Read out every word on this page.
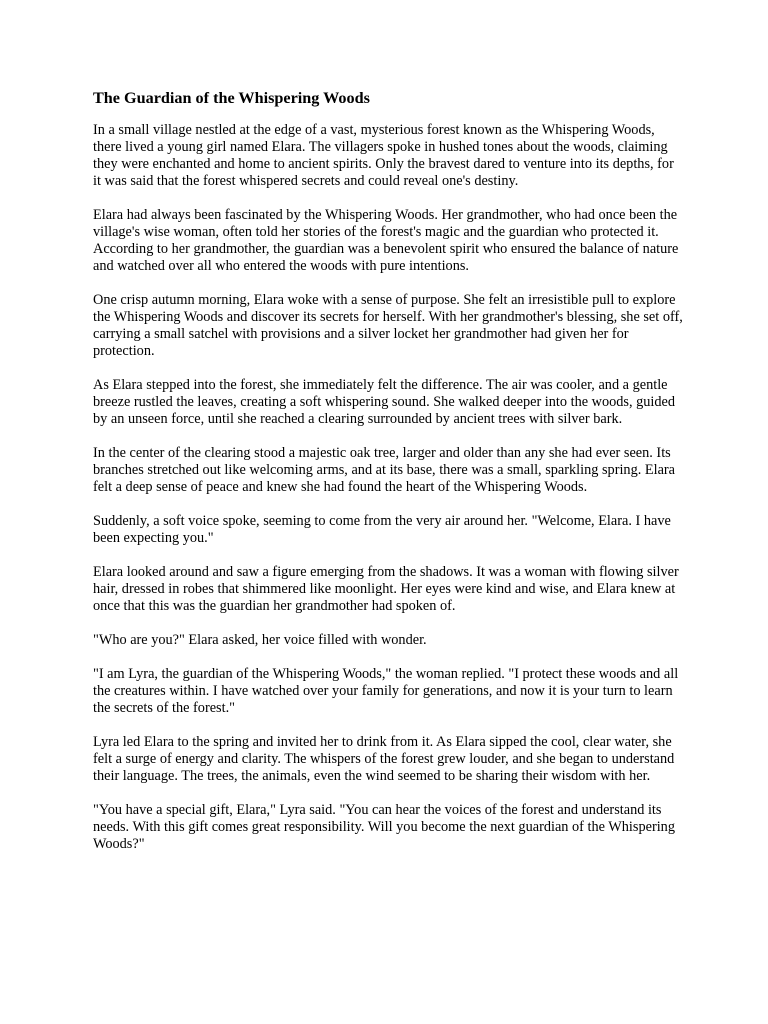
The Guardian of the Whispering Woods

In a small village nestled at the edge of a vast, mysterious forest known as the Whispering Woods, there lived a young girl named Elara. The villagers spoke in hushed tones about the woods, claiming they were enchanted and home to ancient spirits. Only the bravest dared to venture into its depths, for it was said that the forest whispered secrets and could reveal one's destiny.

Elara had always been fascinated by the Whispering Woods. Her grandmother, who had once been the village's wise woman, often told her stories of the forest's magic and the guardian who protected it. According to her grandmother, the guardian was a benevolent spirit who ensured the balance of nature and watched over all who entered the woods with pure intentions.

One crisp autumn morning, Elara woke with a sense of purpose. She felt an irresistible pull to explore the Whispering Woods and discover its secrets for herself. With her grandmother's blessing, she set off, carrying a small satchel with provisions and a silver locket her grandmother had given her for protection.

As Elara stepped into the forest, she immediately felt the difference. The air was cooler, and a gentle breeze rustled the leaves, creating a soft whispering sound. She walked deeper into the woods, guided by an unseen force, until she reached a clearing surrounded by ancient trees with silver bark.

In the center of the clearing stood a majestic oak tree, larger and older than any she had ever seen. Its branches stretched out like welcoming arms, and at its base, there was a small, sparkling spring. Elara felt a deep sense of peace and knew she had found the heart of the Whispering Woods.

Suddenly, a soft voice spoke, seeming to come from the very air around her. "Welcome, Elara. I have been expecting you."

Elara looked around and saw a figure emerging from the shadows. It was a woman with flowing silver hair, dressed in robes that shimmered like moonlight. Her eyes were kind and wise, and Elara knew at once that this was the guardian her grandmother had spoken of.

"Who are you?" Elara asked, her voice filled with wonder.

"I am Lyra, the guardian of the Whispering Woods," the woman replied. "I protect these woods and all the creatures within. I have watched over your family for generations, and now it is your turn to learn the secrets of the forest."

Lyra led Elara to the spring and invited her to drink from it. As Elara sipped the cool, clear water, she felt a surge of energy and clarity. The whispers of the forest grew louder, and she began to understand their language. The trees, the animals, even the wind seemed to be sharing their wisdom with her.

"You have a special gift, Elara," Lyra said. "You can hear the voices of the forest and understand its needs. With this gift comes great responsibility. Will you become the next guardian of the Whispering Woods?"
